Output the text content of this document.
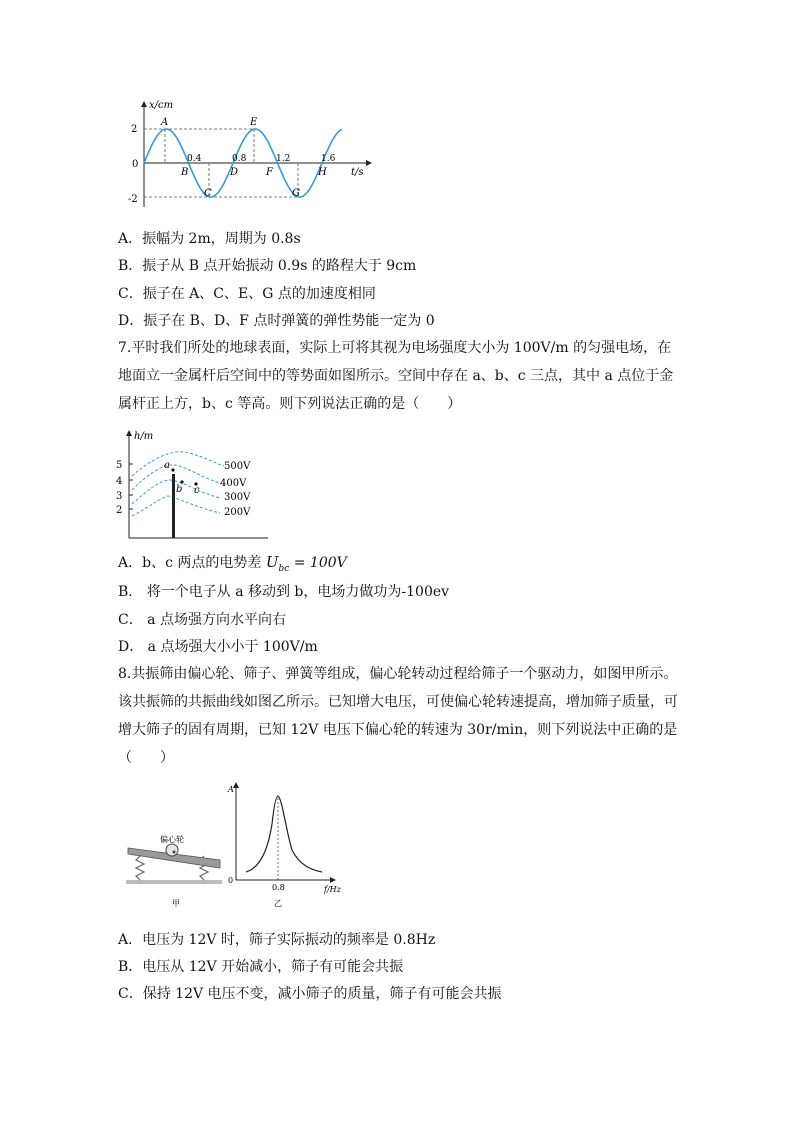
x/cm
t/s
2
0
-2
0.4	0.8	1.2	1.6
A
B
C
D
E
F
G
H
A．振幅为 2m，周期为 0.8s
B．振子从 B 点开始振动 0.9s 的路程大于 9cm
C．振子在 A、C、E、G 点的加速度相同
D．振子在 B、D、F 点时弹簧的弹性势能一定为 0
7.平时我们所处的地球表面，实际上可将其视为电场强度大小为 100V/m 的匀强电场，在地面立一金属杆后空间中的等势面如图所示。空间中存在 a、b、c 三点，其中 a 点位于金属杆正上方，b、c 等高。则下列说法正确的是（　　）
h/m
5
4
3
2
500V
400V
300V
200V
a
b c
A．b、c 两点的电势差 $U_{bc} = 100V$
B． 将一个电子从 a 移动到 b，电场力做功为-100ev
C． a 点场强方向水平向右
D． a 点场强大小小于 100V/m
8.共振筛由偏心轮、筛子、弹簧等组成，偏心轮转动过程给筛子一个驱动力，如图甲所示。该共振筛的共振曲线如图乙所示。已知增大电压，可使偏心轮转速提高，增加筛子质量，可增大筛子的固有周期，已知 12V 电压下偏心轮的转速为 30r/min，则下列说法中正确的是（　　）
偏心轮
甲
A
f/Hz
0
0.8
乙
A．电压为 12V 时，筛子实际振动的频率是 0.8Hz
B．电压从 12V 开始减小，筛子有可能会共振
C．保持 12V 电压不变，减小筛子的质量，筛子有可能会共振
